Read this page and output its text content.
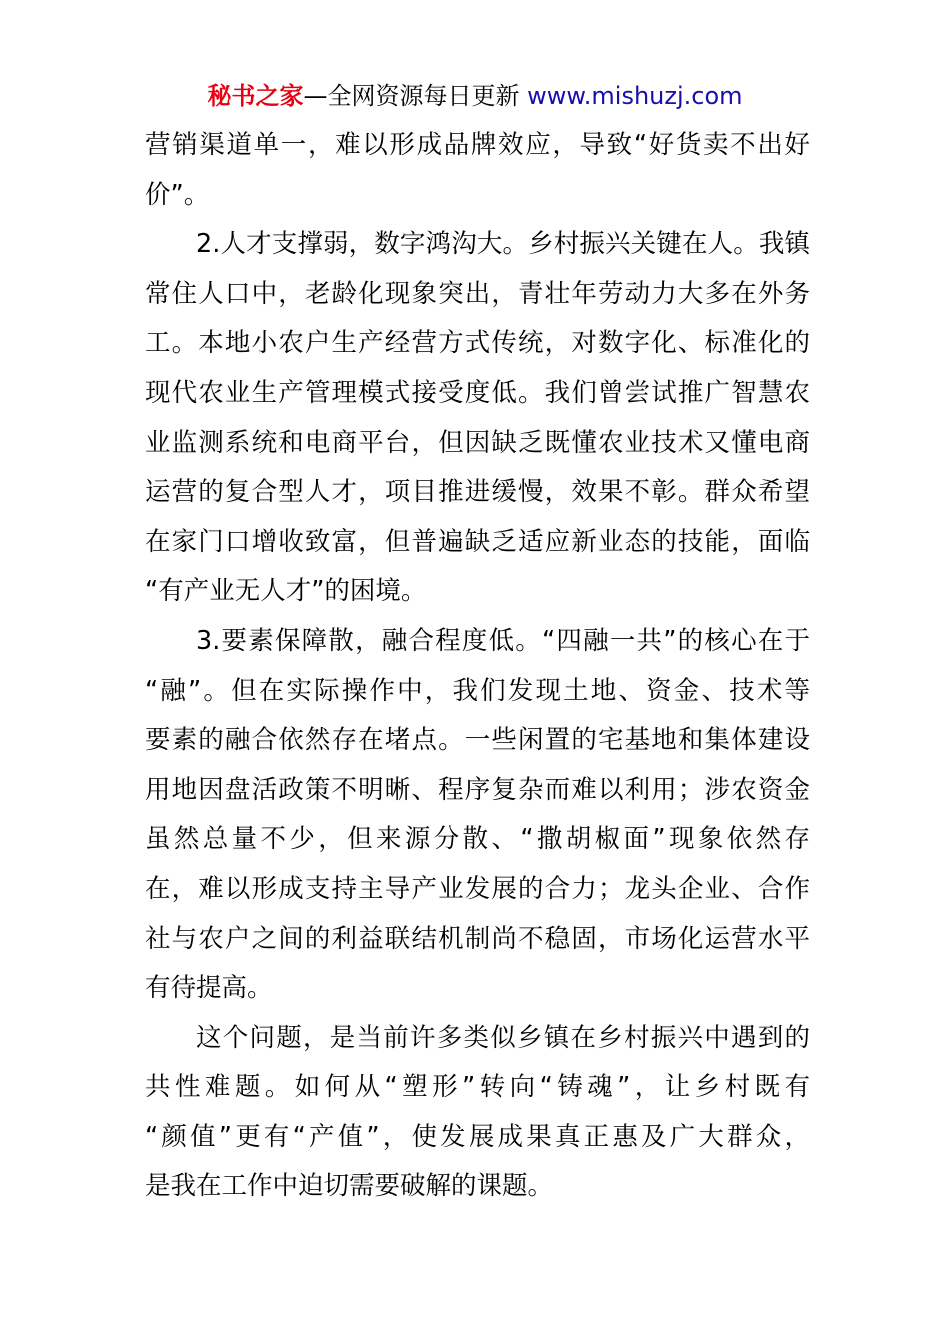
秘书之家—全网资源每日更新 www.mishuzj.com
营销渠道单一，难以形成品牌效应，导致“好货卖不出好
价”。
2.人才支撑弱，数字鸿沟大。乡村振兴关键在人。我镇
常住人口中，老龄化现象突出，青壮年劳动力大多在外务
工。本地小农户生产经营方式传统，对数字化、标准化的
现代农业生产管理模式接受度低。我们曾尝试推广智慧农
业监测系统和电商平台，但因缺乏既懂农业技术又懂电商
运营的复合型人才，项目推进缓慢，效果不彰。群众希望
在家门口增收致富，但普遍缺乏适应新业态的技能，面临
“有产业无人才”的困境。
3.要素保障散，融合程度低。“四融一共”的核心在于
“融”。但在实际操作中，我们发现土地、资金、技术等
要素的融合依然存在堵点。一些闲置的宅基地和集体建设
用地因盘活政策不明晰、程序复杂而难以利用；涉农资金
虽然总量不少，但来源分散、“撒胡椒面”现象依然存
在，难以形成支持主导产业发展的合力；龙头企业、合作
社与农户之间的利益联结机制尚不稳固，市场化运营水平
有待提高。
这个问题，是当前许多类似乡镇在乡村振兴中遇到的
共性难题。如何从“塑形”转向“铸魂”，让乡村既有
“颜值”更有“产值”，使发展成果真正惠及广大群众，
是我在工作中迫切需要破解的课题。
